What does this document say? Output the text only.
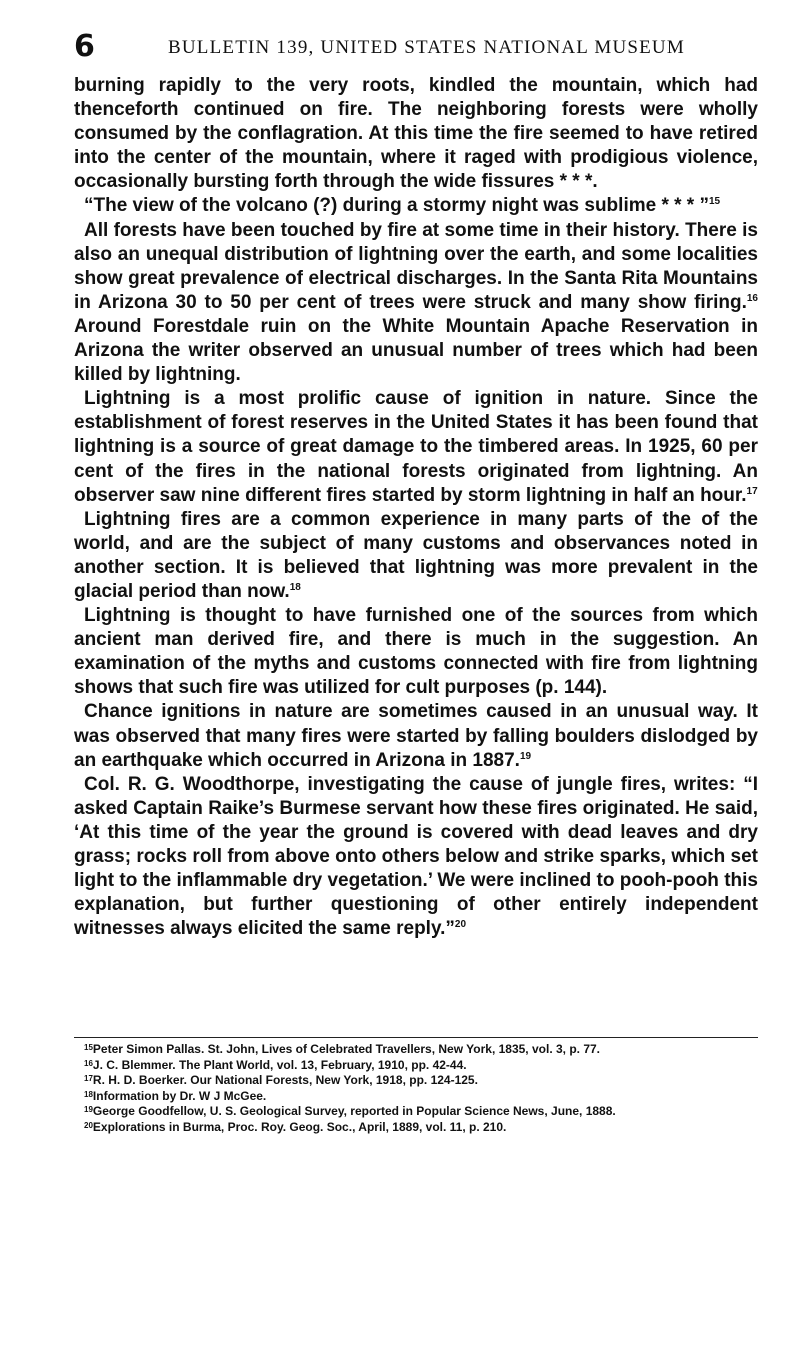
6	BULLETIN 139, UNITED STATES NATIONAL MUSEUM

burning rapidly to the very roots, kindled the mountain, which had thenceforth continued on fire. The neighboring forests were wholly consumed by the conflagration. At this time the fire seemed to have retired into the center of the mountain, where it raged with prodigious violence, occasionally bursting forth through the wide fissures * * *.

“The view of the volcano (?) during a stormy night was sublime * * * ”$^{15}$

All forests have been touched by fire at some time in their history. There is also an unequal distribution of lightning over the earth, and some localities show great prevalence of electrical discharges. In the Santa Rita Mountains in Arizona 30 to 50 per cent of trees were struck and many show firing.$^{16}$ Around Forestdale ruin on the White Mountain Apache Reservation in Arizona the writer observed an unusual number of trees which had been killed by lightning.

Lightning is a most prolific cause of ignition in nature. Since the establishment of forest reserves in the United States it has been found that lightning is a source of great damage to the timbered areas. In 1925, 60 per cent of the fires in the national forests originated from lightning. An observer saw nine different fires started by storm lightning in half an hour.$^{17}$

Lightning fires are a common experience in many parts of the of the world, and are the subject of many customs and observances noted in another section. It is believed that lightning was more prevalent in the glacial period than now.$^{18}$

Lightning is thought to have furnished one of the sources from which ancient man derived fire, and there is much in the suggestion. An examination of the myths and customs connected with fire from lightning shows that such fire was utilized for cult purposes (p. 144).

Chance ignitions in nature are sometimes caused in an unusual way. It was observed that many fires were started by falling boulders dislodged by an earthquake which occurred in Arizona in 1887.19

Col. R. G. Woodthorpe, investigating the cause of jungle fires, writes: “I asked Captain Raike’s Burmese servant how these fires originated. He said, ‘At this time of the year the ground is covered with dead leaves and dry grass; rocks roll from above onto others below and strike sparks, which set light to the inflammable dry vegetation.’ We were inclined to pooh-pooh this explanation, but further questioning of other entirely independent witnesses always elicited the same reply.”$^{20}$

$^{15}$Peter Simon Pallas. St. John, Lives of Celebrated Travellers, New York, 1835, vol. 3, p. 77.

$^{16}$J. C. Blemmer. The Plant World, vol. 13, February, 1910, pp. 42-44.

$^{17}$R. H. D. Boerker. Our National Forests, New York, 1918, pp. 124-125.

$^{18}$Information by Dr. W J McGee.

$^{19}$George Goodfellow, U. S. Geological Survey, reported in Popular Science News, June, 1888.

$^{20}$Explorations in Burma, Proc. Roy. Geog. Soc., April, 1889, vol. 11, p. 210.
